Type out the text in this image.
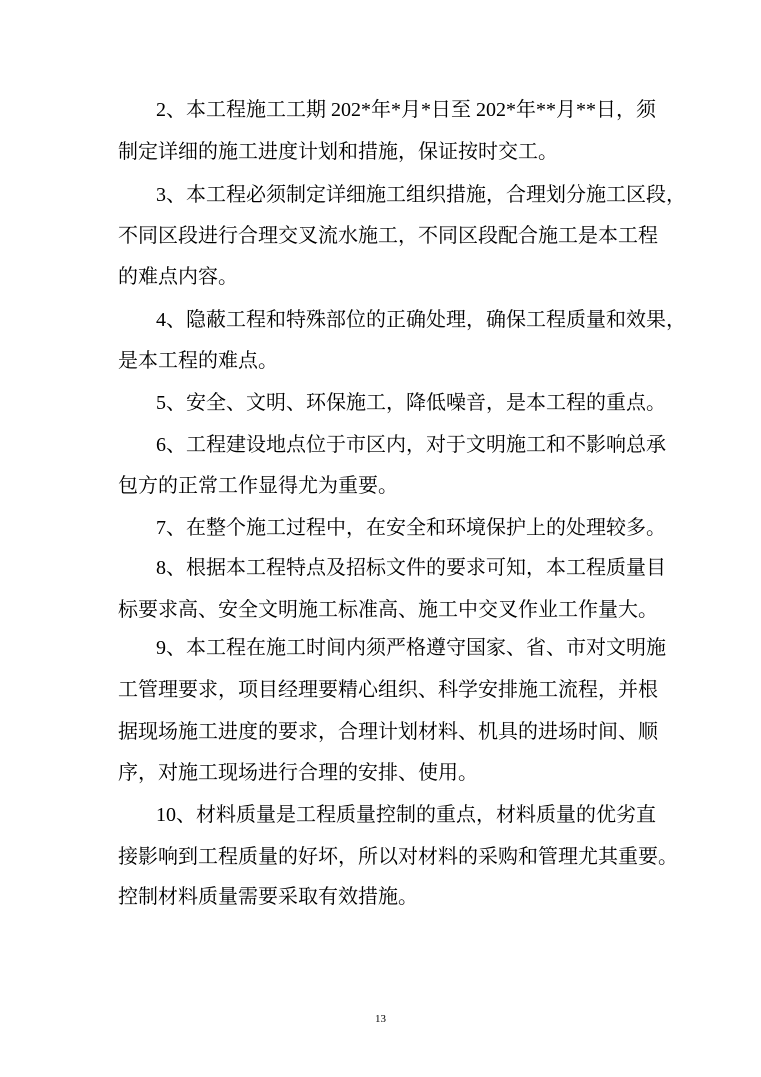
2、本工程施工工期 202*年*月*日至 202*年**月**日，须
制定详细的施工进度计划和措施，保证按时交工。
3、本工程必须制定详细施工组织措施，合理划分施工区段，
不同区段进行合理交叉流水施工，不同区段配合施工是本工程
的难点内容。
4、隐蔽工程和特殊部位的正确处理，确保工程质量和效果，
是本工程的难点。
5、安全、文明、环保施工，降低噪音，是本工程的重点。
6、工程建设地点位于市区内，对于文明施工和不影响总承
包方的正常工作显得尤为重要。
7、在整个施工过程中，在安全和环境保护上的处理较多。
8、根据本工程特点及招标文件的要求可知，本工程质量目
标要求高、安全文明施工标准高、施工中交叉作业工作量大。
9、本工程在施工时间内须严格遵守国家、省、市对文明施
工管理要求，项目经理要精心组织、科学安排施工流程，并根
据现场施工进度的要求，合理计划材料、机具的进场时间、顺
序，对施工现场进行合理的安排、使用。
10、材料质量是工程质量控制的重点，材料质量的优劣直
接影响到工程质量的好坏，所以对材料的采购和管理尤其重要。
控制材料质量需要采取有效措施。
13
